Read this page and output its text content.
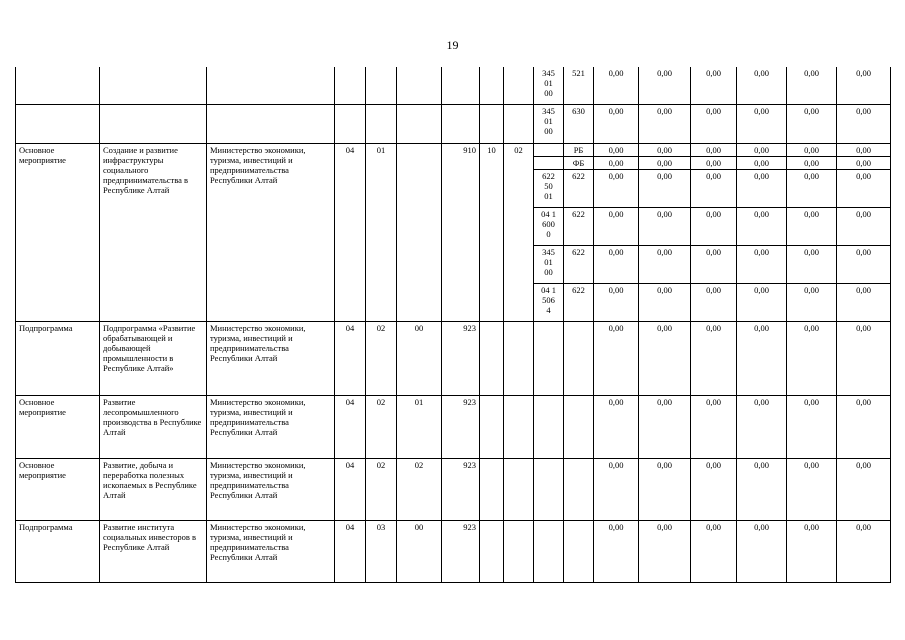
19
									345
01
00	521	0,00	0,00	0,00	0,00	0,00	0,00
									345
01
00	630	0,00	0,00	0,00	0,00	0,00	0,00
Основное мероприятие	Создание и развитие инфраструктуры социального предпринимательства в Республике Алтай	Министерство экономики, туризма, инвестиций и предпринимательства Республики Алтай	04	01		910	10	02		РБ	0,00	0,00	0,00	0,00	0,00	0,00
										ФБ	0,00	0,00	0,00	0,00	0,00	0,00
									622
50
01	622	0,00	0,00	0,00	0,00	0,00	0,00
									04 1
600
0	622	0,00	0,00	0,00	0,00	0,00	0,00
									345
01
00	622	0,00	0,00	0,00	0,00	0,00	0,00
									04 1
506
4	622	0,00	0,00	0,00	0,00	0,00	0,00
Подпрограмма	Подпрограмма «Развитие обрабатывающей и добывающей промышленности в Республике Алтай»	Министерство экономики, туризма, инвестиций и предпринимательства Республики Алтай	04	02	00	923					0,00	0,00	0,00	0,00	0,00	0,00
Основное мероприятие	Развитие лесопромышленного производства в Республике Алтай	Министерство экономики, туризма, инвестиций и предпринимательства Республики Алтай	04	02	01	923					0,00	0,00	0,00	0,00	0,00	0,00
Основное мероприятие	Развитие, добыча и переработка полезных ископаемых в Республике Алтай	Министерство экономики, туризма, инвестиций и предпринимательства Республики Алтай	04	02	02	923					0,00	0,00	0,00	0,00	0,00	0,00
Подпрограмма	Развитие института социальных инвесторов в Республике Алтай	Министерство экономики, туризма, инвестиций и предпринимательства Республики Алтай	04	03	00	923					0,00	0,00	0,00	0,00	0,00	0,00
